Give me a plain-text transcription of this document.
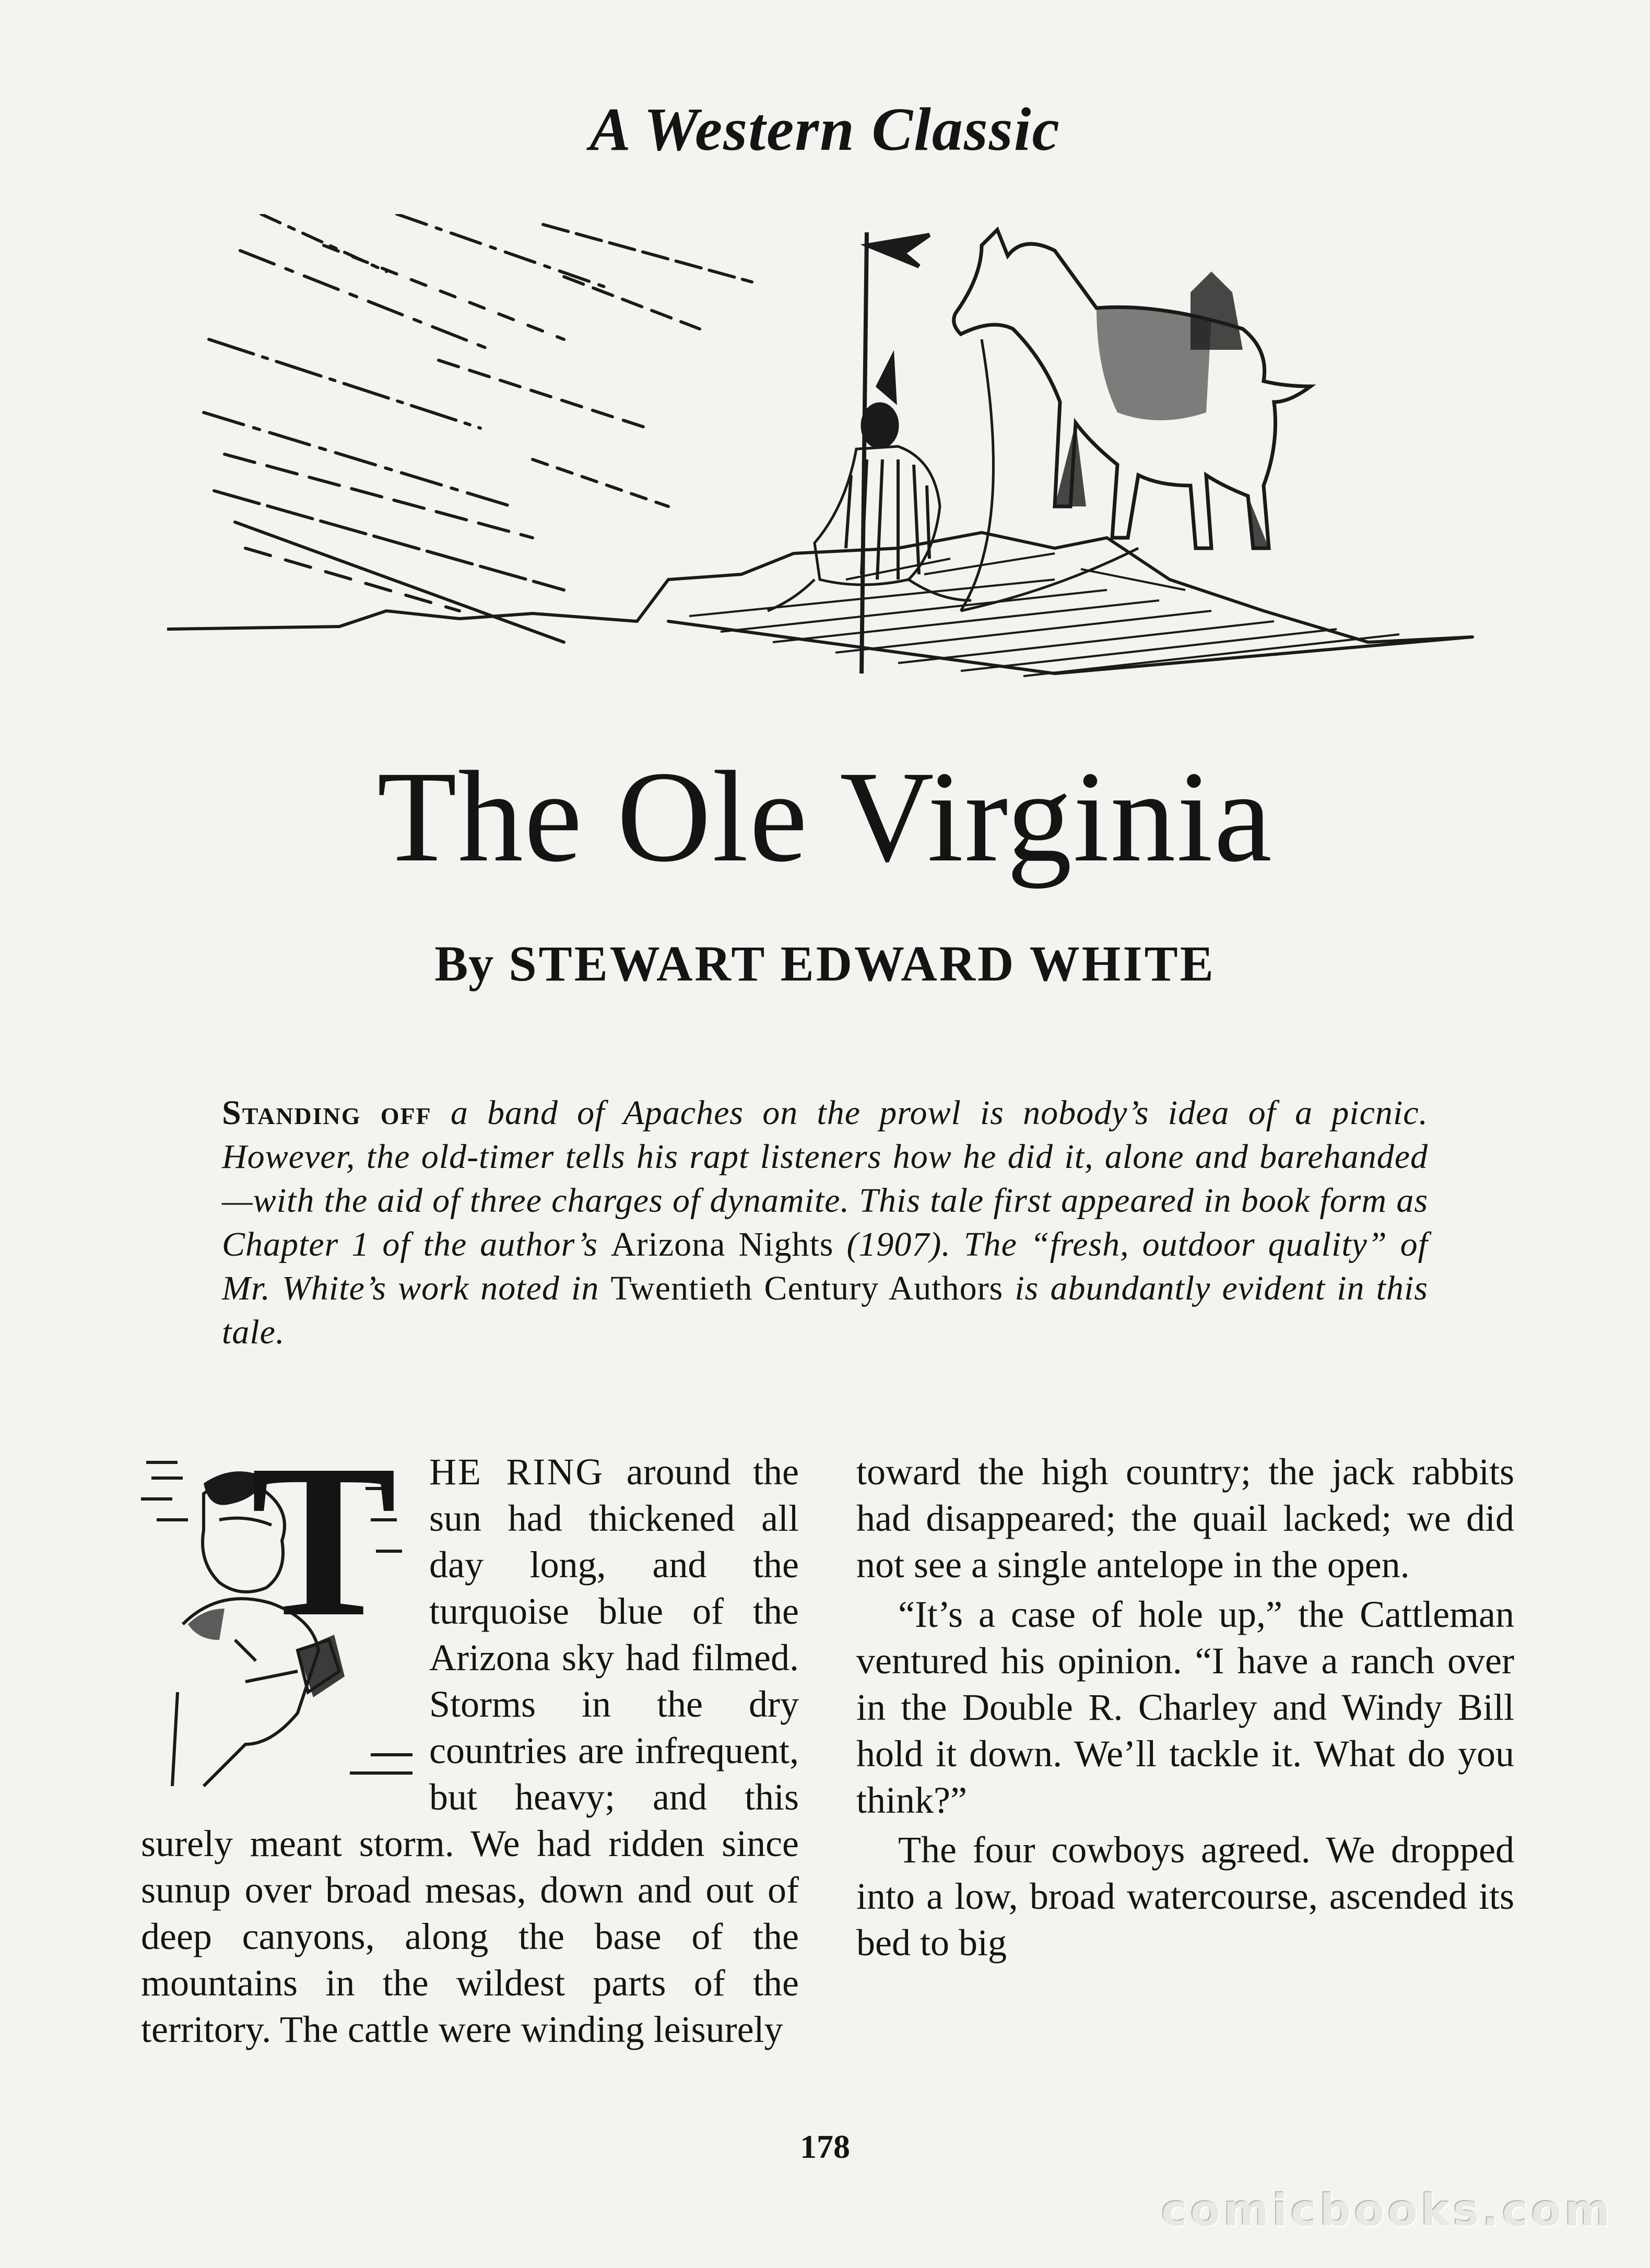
A Western Classic
The Ole Virginia
By STEWART EDWARD WHITE
Standing off a band of Apaches on the prowl is nobody’s idea of a picnic. However, the old-timer tells his rapt listeners how he did it, alone and barehanded—with the aid of three charges of dynamite. This tale first appeared in book form as Chapter 1 of the author’s Arizona Nights (1907). The “fresh, outdoor quality” of Mr. White’s work noted in Twentieth Century Authors is abundantly evident in this tale.
T HE RING around the sun had thickened all day long, and the turquoise blue of the Arizona sky had filmed. Storms in the dry countries are infrequent, but heavy; and this surely meant storm. We had ridden since sunup over broad mesas, down and out of deep canyons, along the base of the mountains in the wildest parts of the territory. The cattle were winding leisurely

toward the high country; the jack rabbits had disappeared; the quail lacked; we did not see a single antelope in the open.

“It’s a case of hole up,” the Cattleman ventured his opinion. “I have a ranch over in the Double R. Charley and Windy Bill hold it down. We’ll tackle it. What do you think?”

The four cowboys agreed. We dropped into a low, broad watercourse, ascended its bed to big

178
comicbooks.com
